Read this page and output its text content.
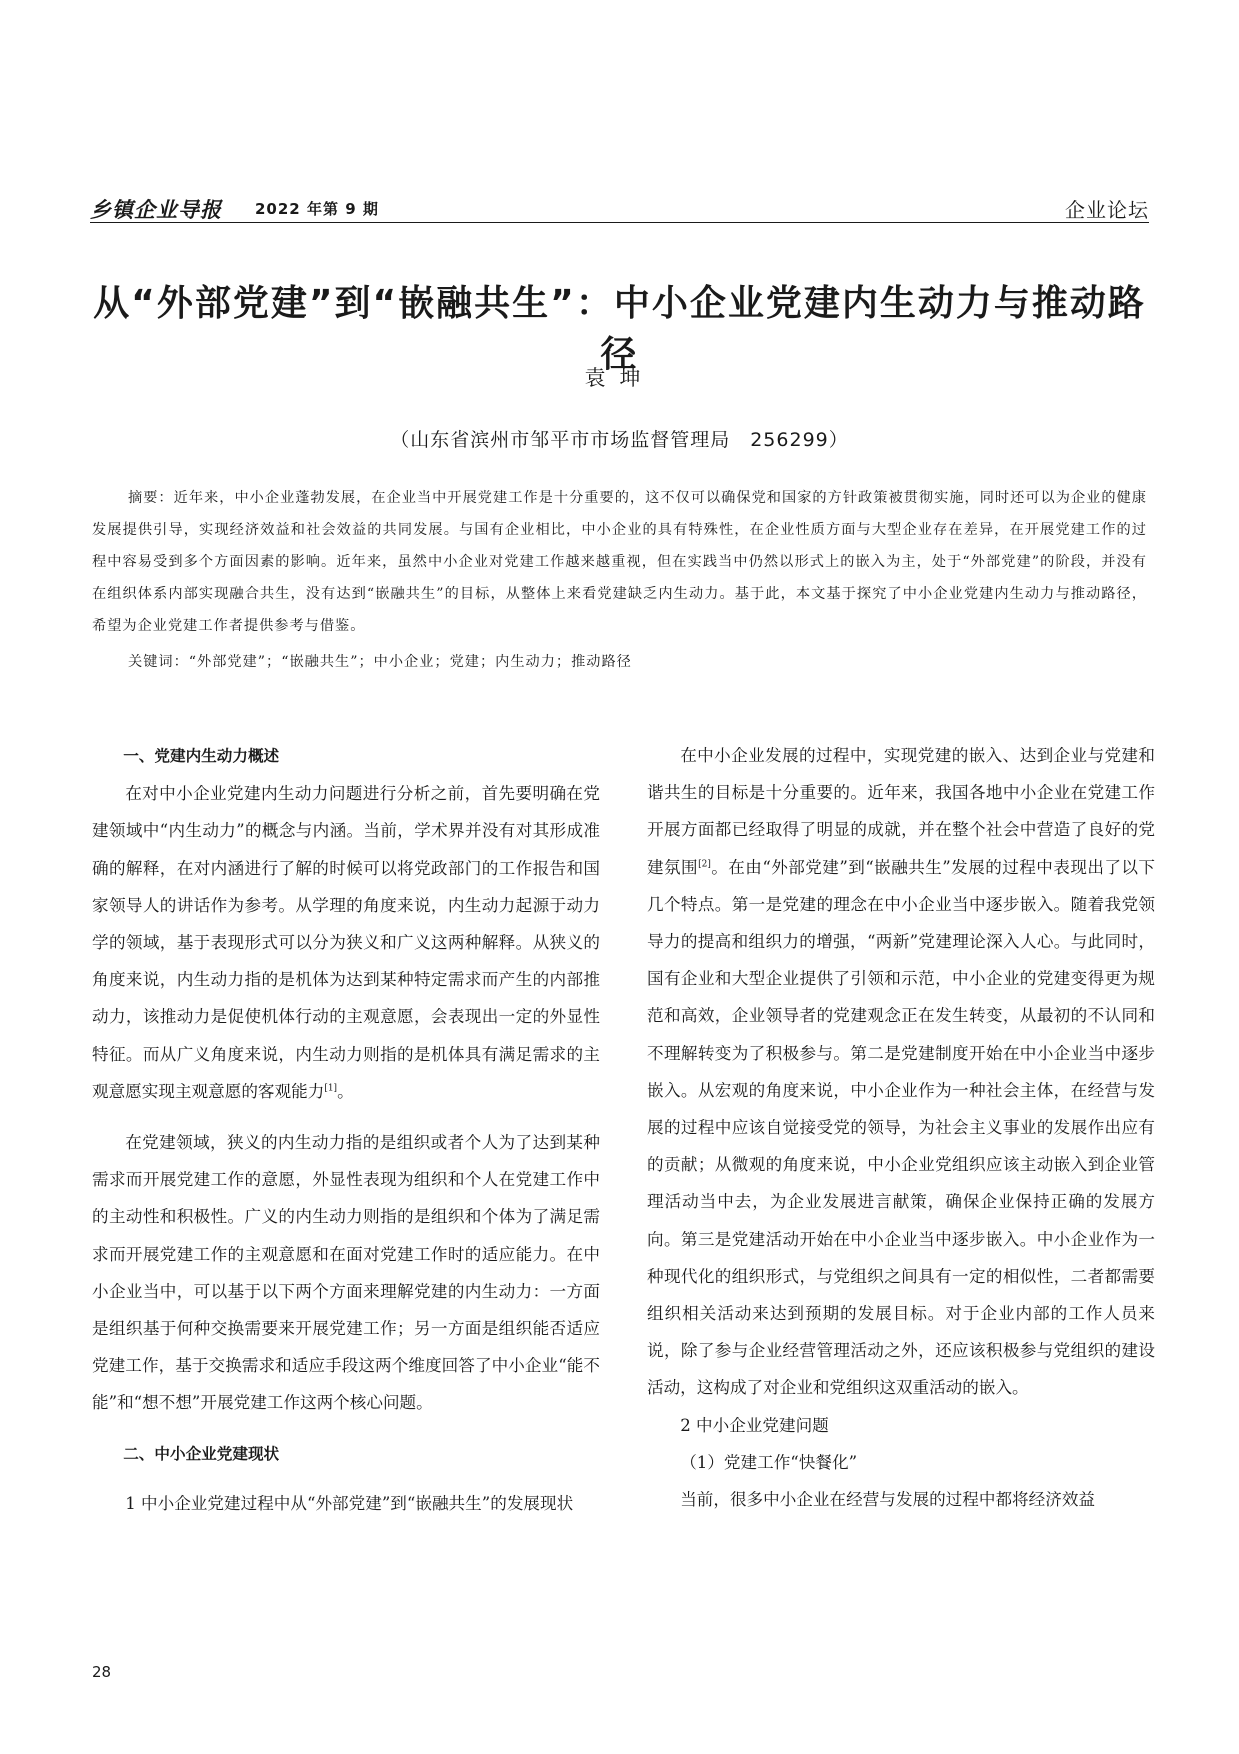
乡镇企业导报 2022 年第 9 期	企业论坛
从“外部党建”到“嵌融共生”：中小企业党建内生动力与推动路径
袁坤
（山东省滨州市邹平市市场监督管理局　256299）
摘要：近年来，中小企业蓬勃发展，在企业当中开展党建工作是十分重要的，这不仅可以确保党和国家的方针政策被贯彻实施，同时还可以为企业的健康发展提供引导，实现经济效益和社会效益的共同发展。与国有企业相比，中小企业的具有特殊性，在企业性质方面与大型企业存在差异，在开展党建工作的过程中容易受到多个方面因素的影响。近年来，虽然中小企业对党建工作越来越重视，但在实践当中仍然以形式上的嵌入为主，处于“外部党建”的阶段，并没有在组织体系内部实现融合共生，没有达到“嵌融共生”的目标，从整体上来看党建缺乏内生动力。基于此，本文基于探究了中小企业党建内生动力与推动路径，希望为企业党建工作者提供参考与借鉴。
关键词：“外部党建”；“嵌融共生”；中小企业；党建；内生动力；推动路径

一、党建内生动力概述

在对中小企业党建内生动力问题进行分析之前，首先要明确在党建领域中“内生动力”的概念与内涵。当前，学术界并没有对其形成准确的解释，在对内涵进行了解的时候可以将党政部门的工作报告和国家领导人的讲话作为参考。从学理的角度来说，内生动力起源于动力学的领域，基于表现形式可以分为狭义和广义这两种解释。从狭义的角度来说，内生动力指的是机体为达到某种特定需求而产生的内部推动力，该推动力是促使机体行动的主观意愿，会表现出一定的外显性特征。而从广义角度来说，内生动力则指的是机体具有满足需求的主观意愿实现主观意愿的客观能力[1]。

在党建领域，狭义的内生动力指的是组织或者个人为了达到某种需求而开展党建工作的意愿，外显性表现为组织和个人在党建工作中的主动性和积极性。广义的内生动力则指的是组织和个体为了满足需求而开展党建工作的主观意愿和在面对党建工作时的适应能力。在中小企业当中，可以基于以下两个方面来理解党建的内生动力：一方面是组织基于何种交换需要来开展党建工作；另一方面是组织能否适应党建工作，基于交换需求和适应手段这两个维度回答了中小企业“能不能”和“想不想”开展党建工作这两个核心问题。

二、中小企业党建现状

1 中小企业党建过程中从“外部党建”到“嵌融共生”的发展现状

在中小企业发展的过程中，实现党建的嵌入、达到企业与党建和谐共生的目标是十分重要的。近年来，我国各地中小企业在党建工作开展方面都已经取得了明显的成就，并在整个社会中营造了良好的党建氛围[2]。在由“外部党建”到“嵌融共生”发展的过程中表现出了以下几个特点。第一是党建的理念在中小企业当中逐步嵌入。随着我党领导力的提高和组织力的增强，“两新”党建理论深入人心。与此同时，国有企业和大型企业提供了引领和示范，中小企业的党建变得更为规范和高效，企业领导者的党建观念正在发生转变，从最初的不认同和不理解转变为了积极参与。第二是党建制度开始在中小企业当中逐步嵌入。从宏观的角度来说，中小企业作为一种社会主体，在经营与发展的过程中应该自觉接受党的领导，为社会主义事业的发展作出应有的贡献；从微观的角度来说，中小企业党组织应该主动嵌入到企业管理活动当中去，为企业发展进言献策，确保企业保持正确的发展方向。第三是党建活动开始在中小企业当中逐步嵌入。中小企业作为一种现代化的组织形式，与党组织之间具有一定的相似性，二者都需要组织相关活动来达到预期的发展目标。对于企业内部的工作人员来说，除了参与企业经营管理活动之外，还应该积极参与党组织的建设活动，这构成了对企业和党组织这双重活动的嵌入。

2 中小企业党建问题

（1）党建工作“快餐化”

当前，很多中小企业在经营与发展的过程中都将经济效益

28
